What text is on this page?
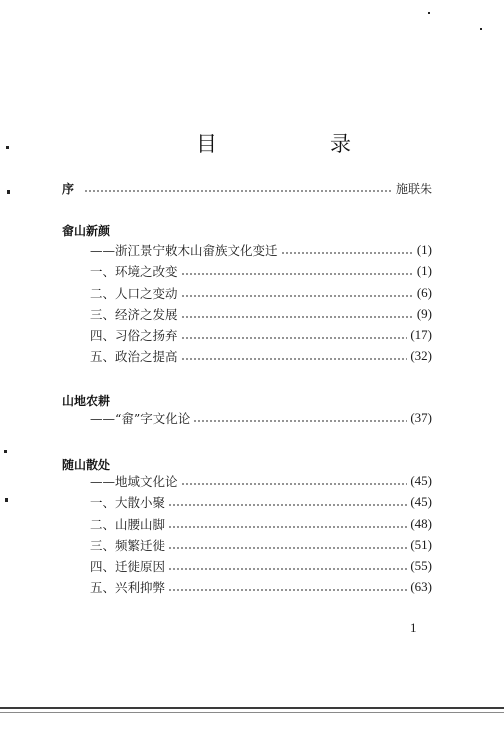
目　录
序	施联朱
畲山新颜
——浙江景宁敕木山畲族文化变迁	(1)
一、环境之改变	(1)
二、人口之变动	(6)
三、经济之发展	(9)
四、习俗之扬弃	(17)
五、政治之提高	(32)
山地农耕
——“畲”字文化论	(37)
随山散处
——地域文化论	(45)
一、大散小聚	(45)
二、山腰山脚	(48)
三、频繁迁徙	(51)
四、迁徙原因	(55)
五、兴利抑弊	(63)
1
